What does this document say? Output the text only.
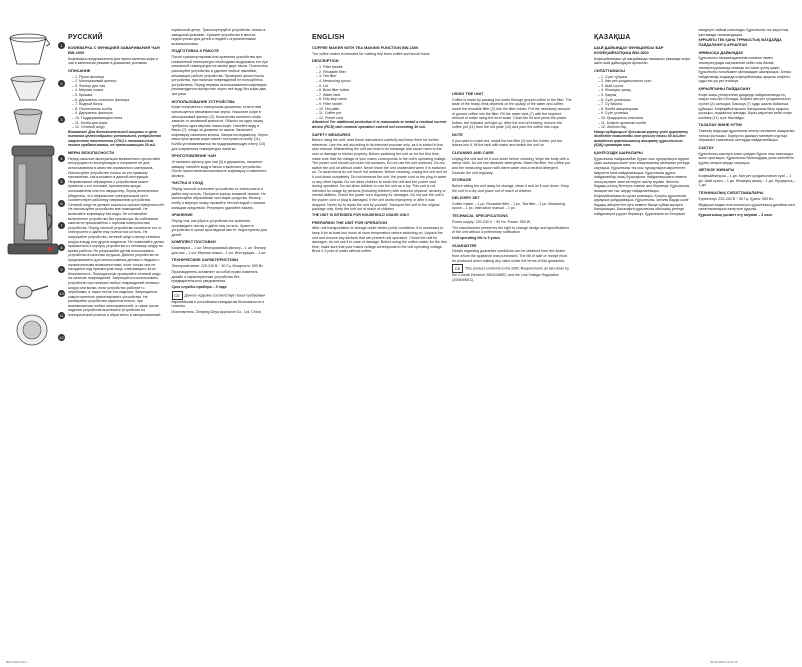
1
2
3
4
5
6
7
8
9
10
11
12
РУССКИЙ
КОФЕВАРКА С ФУНКЦИЕЙ ЗАВАРИВАНИЯ ЧАЯ BW-1600

Кофеварка предназначена для приготовления кофе и чая в капельном режиме в домашних условиях.

ОПИСАНИЕ
– 1. Ручка фильтра
– 2. Многоразовый фильтр
– 3. Фильтр для чая
– 4. Мерная ложка
– 5. Крышка
– 6. Держатель съемного фильтра
– 7. Водный бачок
– 8. Отключатель колбы
– 9. Держатель фильтра
– 10. Поддерживающая плита
– 11. Колба для кофе
– 12. Сетевой шнур

Внимание! Для дополнительной защиты в цепи питания целесообразно установить устройство защитного отключения (УЗО) с номинальным током срабатывания, не превышающим 30 мА.

МЕРЫ БЕЗОПАСНОСТИ

Перед началом эксплуатации внимательно прочитайте инструкцию по эксплуатации и сохраните её для использования в качестве справочного материала. Используйте устройство только по его прямому назначению, как изложено в данной инструкции. Неправильное обращение с устройством может привести к его поломке, причинению вреда пользователю или его имуществу. Перед включением убедитесь, что напряжение электрической сети соответствует рабочему напряжению устройства. Сетевой шнур не должен касаться горячих поверхностей. Не используйте устройство вне помещений. Не включайте кофеварку без воды. Не оставляйте включённое устройство без присмотра. Во избежание ожогов не прикасайтесь к горячим поверхностям устройства. Перед чисткой устройства отключите его от электросети и дайте ему полностью остыть. Не погружайте устройство, сетевой шнур и вилку сетевого шнура в воду или другие жидкости. Не позволяйте детям прикасаться к корпусу устройства и к сетевому шнуру во время работы. Не разрешайте детям использовать устройство в качестве игрушки. Данное устройство не предназначено для использования детьми и людьми с ограниченными возможностями, если только они не находятся под присмотром лица, отвечающего за их безопасность. Периодически проверяйте сетевой шнур на наличие повреждений. Запрещается использовать устройство при наличии любых повреждений сетевого шнура или вилки, если устройство работает с перебоями, а также после его падения. Запрещается самостоятельно ремонтировать устройство. Не разбирайте устройство самостоятельно, при возникновении любых неисправностей, а также после падения устройства выключите устройство из электрической розетки и обратитесь в авторизованный сервисный центр. Транспортируйте устройство только в заводской упаковке. Храните устройство в местах, недоступных для детей и людей с ограниченными возможностями.

ПОДГОТОВКА К РАБОТЕ

После транспортировки или хранения устройства при пониженной температуре необходимо выдержать его при комнатной температуре не менее двух часов. Полностью распакуйте устройство и удалите любые наклейки, мешающие работе устройства. Проверьте целостность устройства, при наличии повреждений не пользуйтесь устройством. Перед первым использованием кофеварки рекомендуется пропустить через неё воду без кофе два-три раза.

ИСПОЛЬЗОВАНИЕ УСТРОЙСТВА

Кофе получается с наилучшим ароматом, если в нем используется свежемолотые зерна. Насыпьте кофе в многоразовый фильтр (2). Количество молотого кофе зависит от желаемой крепости. Обычно на одну чашку требуется одна мерная ложка кофе. Налейте воду в бачок (7), следя за уровнем по шкале. Включите кофеварку нажатием кнопки. Загорится индикатор. Через некоторое время кофе начнёт поступать в колбу (11). Колба устанавливается на поддерживающую плиту (10) для сохранения температуры напитка.

ПРИГОТОВЛЕНИЕ ЧАЯ

Установите фильтр для чая (3) в держатель, насыпьте заварку, налейте воду в бачок и включите устройство. После приготовления выключите кофеварку и извлеките фильтр.

ЧИСТКА И УХОД

Перед чисткой отключите устройство от электросети и дайте ему остыть. Протрите корпус влажной тканью. Не используйте абразивные чистящие средства. Фильтр, колбу и мерную ложку промойте тёплой водой с мягким моющим средством. Регулярно удаляйте накипь.

ХРАНЕНИЕ

Перед тем, как убрать устройство на хранение, произведите чистку и дайте ему остыть. Храните устройство в сухом прохладном месте, недоступном для детей.

КОМПЛЕКТ ПОСТАВКИ

Кофеварка – 1 шт. Многоразовый фильтр – 1 шт. Фильтр для чая – 1 шт. Мерная ложка – 1 шт. Инструкция – 1 шт.

ТЕХНИЧЕСКИЕ ХАРАКТЕРИСТИКИ

Электропитание: 220-240 В ~ 50 Гц. Мощность: 550 Вт.

Производитель оставляет за собой право изменять дизайн и характеристики устройства без предварительного уведомления.

Срок службы прибора – 3 года

CE Данное изделие соответствует всем требуемым европейским и российским стандартам безопасности и гигиены.

Изготовитель: Zhejiang Deya Appliance Co., Ltd. China

ENGLISH
COFFEE MAKER WITH TEA MAKING FUNCTION BW-1600

The coffee maker is intended for making drip brew coffee and tea at home.

DESCRIPTION
– 1. Filter handle
– 2. Reusable filter
– 3. Tea filter
– 4. Measuring spoon
– 5. Lid
– 6. Bowl filter holder
– 7. Water tank
– 8. Drip stop valve
– 9. Filter holder
– 10. Hot plate
– 11. Coffee pot
– 12. Power cord

Attention! For additional protection it is reasonable to install a residual current device (RCD) with nominal operation current not exceeding 30 mA.

SAFETY MEASURES

Before using the unit, read these instructions carefully and keep them for further reference. Use the unit according to its intended purpose only, as it is stated in this user manual. Mishandling the unit can lead to its breakage and cause harm to the user or damage to his/her property. Before switching the unit on for the first time, make sure that the voltage of your mains corresponds to the unit's operating voltage. The power cord should not touch hot surfaces. Do not use the unit outdoors. Do not switch the unit on without water. Never leave the unit unattended when it is switched on. To avoid burns do not touch hot surfaces. Before cleaning, unplug the unit and let it cool down completely. Do not immerse the unit, the power cord or the plug in water or any other liquids. Do not allow children to touch the unit and the power cord during operation. Do not allow children to use the unit as a toy. This unit is not intended for usage by persons (including children) with reduced physical, sensory or mental abilities. Check the power cord regularly for damages. Do not use the unit if the power cord or plug is damaged, if the unit works improperly or after it was dropped. Never try to repair the unit by yourself. Transport the unit in the original package only. Keep the unit out of reach of children.

THE UNIT IS INTENDED FOR HOUSEHOLD USAGE ONLY

PREPARING THE UNIT FOR OPERATION

After unit transportation or storage under winter (cold) conditions, it is necessary to keep it for at least two hours at room temperature before switching on. Unpack the unit and remove any stickers that can prevent unit operation. Check the unit for damages, do not use it in case of damage. Before using the coffee maker for the first time, make sure that your mains voltage corresponds to the unit operating voltage. Brew 2-3 pots of water without coffee.

USING THE UNIT

Coffee is made by passing hot water through ground coffee in the filter. The taste of the ready drink depends on the quality of the water and coffee. Insert the reusable filter (2) into the filter holder. Put the necessary amount of ground coffee into the filter. Fill the water tank (7) with the required amount of water using the level scale. Close the lid and press the power button, the indicator will light up. After the end of brewing, remove the coffee pot (11) from the hot plate (10) and pour the coffee into cups.

NOTE

If you want to make tea, install the tea filter (3) into the holder, put tea leaves into it, fill the tank with water and switch the unit on.

CLEANING AND CARE

Unplug the unit and let it cool down before cleaning. Wipe the body with a damp cloth. Do not use abrasive detergents. Wash the filter, the coffee pot and the measuring spoon with warm water and a neutral detergent. Descale the unit regularly.

STORAGE

Before taking the unit away for storage, clean it and let it cool down. Keep the unit in a dry cool place out of reach of children.

DELIVERY SET

Coffee maker – 1 pc. Reusable filter – 1 pc. Tea filter – 1 pc. Measuring spoon – 1 pc. Instruction manual – 1 pc.

TECHNICAL SPECIFICATIONS

Power supply: 220-240 V ~ 50 Hz. Power: 550 W.

The manufacturer preserves the right to change design and specifications of the unit without a preliminary notification.

Unit operating life is 3 years

GUARANTEE

Details regarding guarantee conditions can be obtained from the dealer from whom the appliance was purchased. The bill of sale or receipt must be produced when making any claim under the terms of this guarantee.

CE This product conforms to the EMC-Requirements as laid down by the Council Directive 2004/108/EC and the Low Voltage Regulation (2006/95/EC).

ҚАЗАҚША
ШАЙ ДАЙЫНДАУ ФУНКЦИЯСЫ БАР КОФЕҚАЙНАТҚЫШ BW-1600

Кофеқайнатқыш үй жағдайында тамшылы режимде кофе және шай дайындауға арналған.

СИПАТТАМАСЫ
– 1. Сүзгі тұтқасы
– 2. Көп рет қолданылатын сүзгі
– 3. Шай сүзгісі
– 4. Өлшеуіш қасық
– 5. Қақпақ
– 6. Сүзгі ұстағышы
– 7. Су бачогы
– 8. Колба ажыратқышы
– 9. Сүзгі ұстағыш
– 10. Қыздырғыш пластина
– 11. Кофеге арналған колба
– 12. Желілік бау

Назар аударыңыз! Қосымша қорғау үшін қоректену тізбегіне номиналды іске қосылу тогы 30 мА-ден аспайтын қорғаныштық ажырату құрылғысын (ҚАҚ) орнатқан жөн.

ҚАУІПСІЗДІК ШАРАЛАРЫ

Құрылғыны пайдаланбас бұрын осы нұсқаулықты мұқият оқып шығыңыз және оны анықтамалық материал ретінде сақтаңыз. Құрылғыны тек осы нұсқаулықта көрсетілген мақсатта ғана пайдаланыңыз. Құрылғыны дұрыс пайдаланбау оның бұзылуына, пайдаланушыға немесе оның мүлкіне зиян келтіруге әкелуі мүмкін. Желілік баудың ыстық беттерге тиюіне жол бермеңіз. Құрылғыны ғимараттан тыс жерде пайдаланбаңыз. Кофеқайнатқышты сусыз қоспаңыз. Қосулы құрылғыны қараусыз қалдырмаңыз. Құрылғыны, желілік бауды және баудың айыртетігін суға немесе басқа сұйықтықтарға батырмаңыз. Балаларға құрылғыны ойыншық ретінде пайдалануға рұқсат бермеңіз. Құрылғыны өз бетіңізше жөндеуге тыйым салынады. Құрылғыны тек зауыттық қаптамада тасымалдаңыз.

ҚҰРЫЛҒЫ ТЕК ҚАНА ТҰРМЫСТЫҚ ЖАҒДАЙДА ПАЙДАЛАНУҒА АРНАЛҒАН

ЖҰМЫСҚА ДАЙЫНДАУ

Құрылғыны тасымалдағаннан немесе төмен температурада сақтағаннан кейін оны бөлме температурасында кемінде екі сағат ұстау қажет. Құрылғыны толығымен қаптамадан шығарыңыз. Алғаш пайдаланар алдында кофеқайнатқыш арқылы кофесіз суды екі-үш рет өткізіңіз.

ҚҰРЫЛҒЫНЫ ПАЙДАЛАНУ

Кофе жаңа ұнтақталған дәндерді пайдаланғанда ең жақсы хош иісті болады. Кофені көп рет қолданылатын сүзгіге (2) салыңыз. Бачокқа (7) суды шкала бойынша құйыңыз. Кофеқайнатқышты батырманы басу арқылы қосыңыз, индикатор жанады. Біраз уақыттан кейін кофе колбаға (11) түсе бастайды.

ТАЗАЛАУ ЖӘНЕ КҮТІМ

Тазалау алдында құрылғыны электр желісінен ажыратып, толық суытыңыз. Корпусты дымқыл матамен сүртіңіз. Абразивті тазалағыш заттарды пайдаланбаңыз.

САҚТАУ

Құрылғыны сақтауға алып қоюдан бұрын оны тазалаңыз және суытыңыз. Құрылғыны балалардың қолы жетпейтін құрғақ салқын жерде сақтаңыз.

ЖЕТКІЗУ ЖИНАҒЫ

Кофеқайнатқыш – 1 дн. Көп рет қолданылатын сүзгі – 1 дн. Шай сүзгісі – 1 дн. Өлшеуіш қасық – 1 дн. Нұсқаулық – 1 дн.

ТЕХНИКАЛЫҚ СИПАТТАМАЛАРЫ

Қоректенуі: 220-240 В ~ 50 Гц. Қуаты: 550 Вт.

Өндіруші алдын ала ескертусіз құрылғының дизайны мен сипаттамаларын өзгертуге құқылы.

Құрылғының қызмет ету мерзімі – 3 жыл

BW-1600.indd 1	05.03.2015 13:07:10
